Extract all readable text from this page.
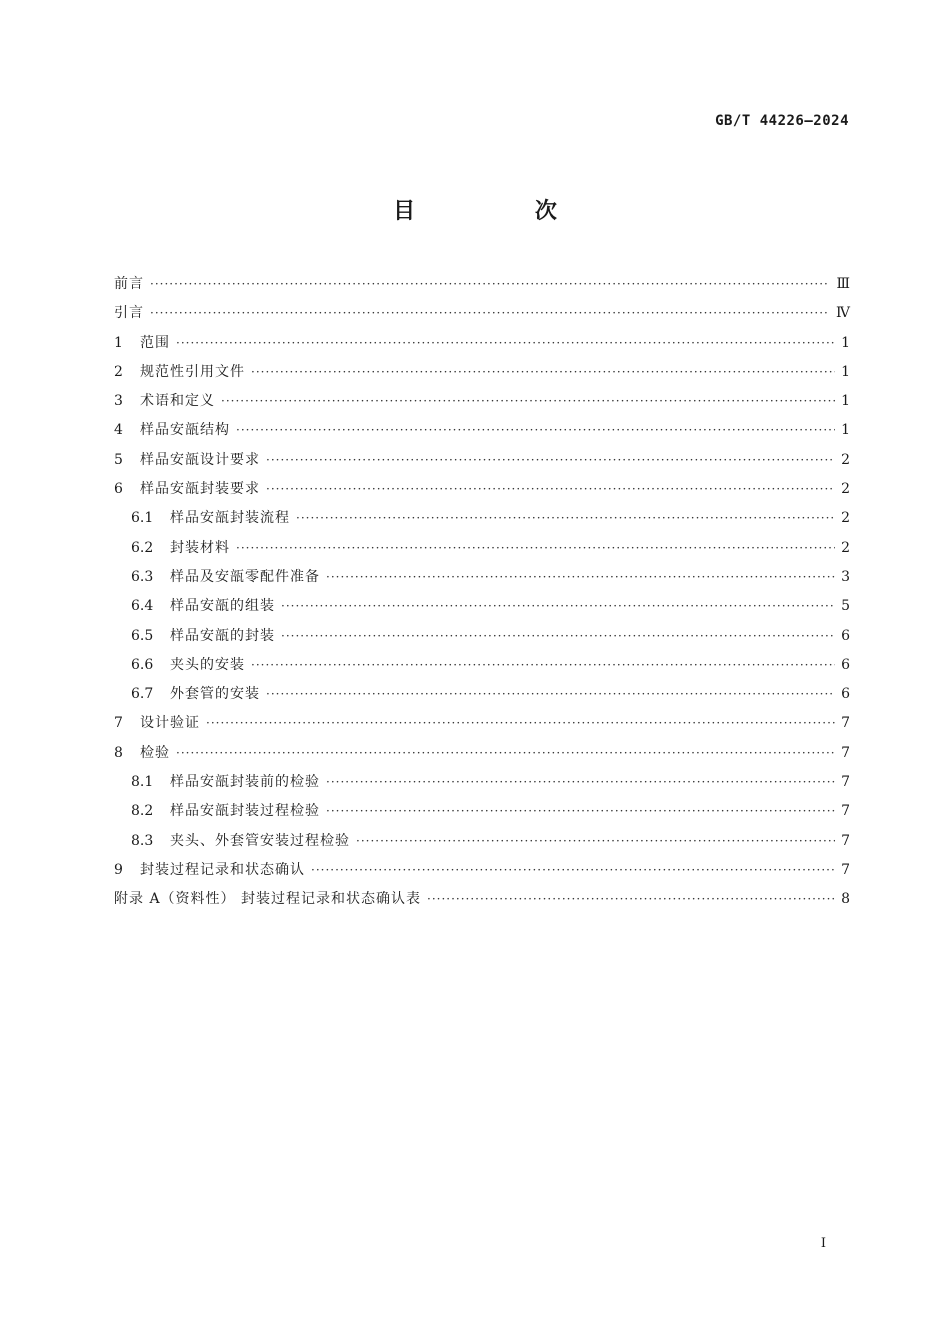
GB/T 44226—2024
目 次
前言 ·····	Ⅲ
引言 ·····	Ⅳ
1	范围 ·····	1
2	规范性引用文件 ·····	1
3	术语和定义 ·····	1
4	样品安瓿结构 ·····	1
5	样品安瓿设计要求 ·····	2
6	样品安瓿封装要求 ·····	2
6.1	样品安瓿封装流程 ·····	2
6.2	封装材料 ·····	2
6.3	样品及安瓿零配件准备 ·····	3
6.4	样品安瓿的组装 ·····	5
6.5	样品安瓿的封装 ·····	6
6.6	夹头的安装 ·····	6
6.7	外套管的安装 ·····	6
7	设计验证 ·····	7
8	检验 ·····	7
8.1	样品安瓿封装前的检验 ·····	7
8.2	样品安瓿封装过程检验 ·····	7
8.3	夹头、外套管安装过程检验 ·····	7
9	封装过程记录和状态确认 ·····	7
附录 A（资料性） 封装过程记录和状态确认表 ·····	8
Ⅰ
